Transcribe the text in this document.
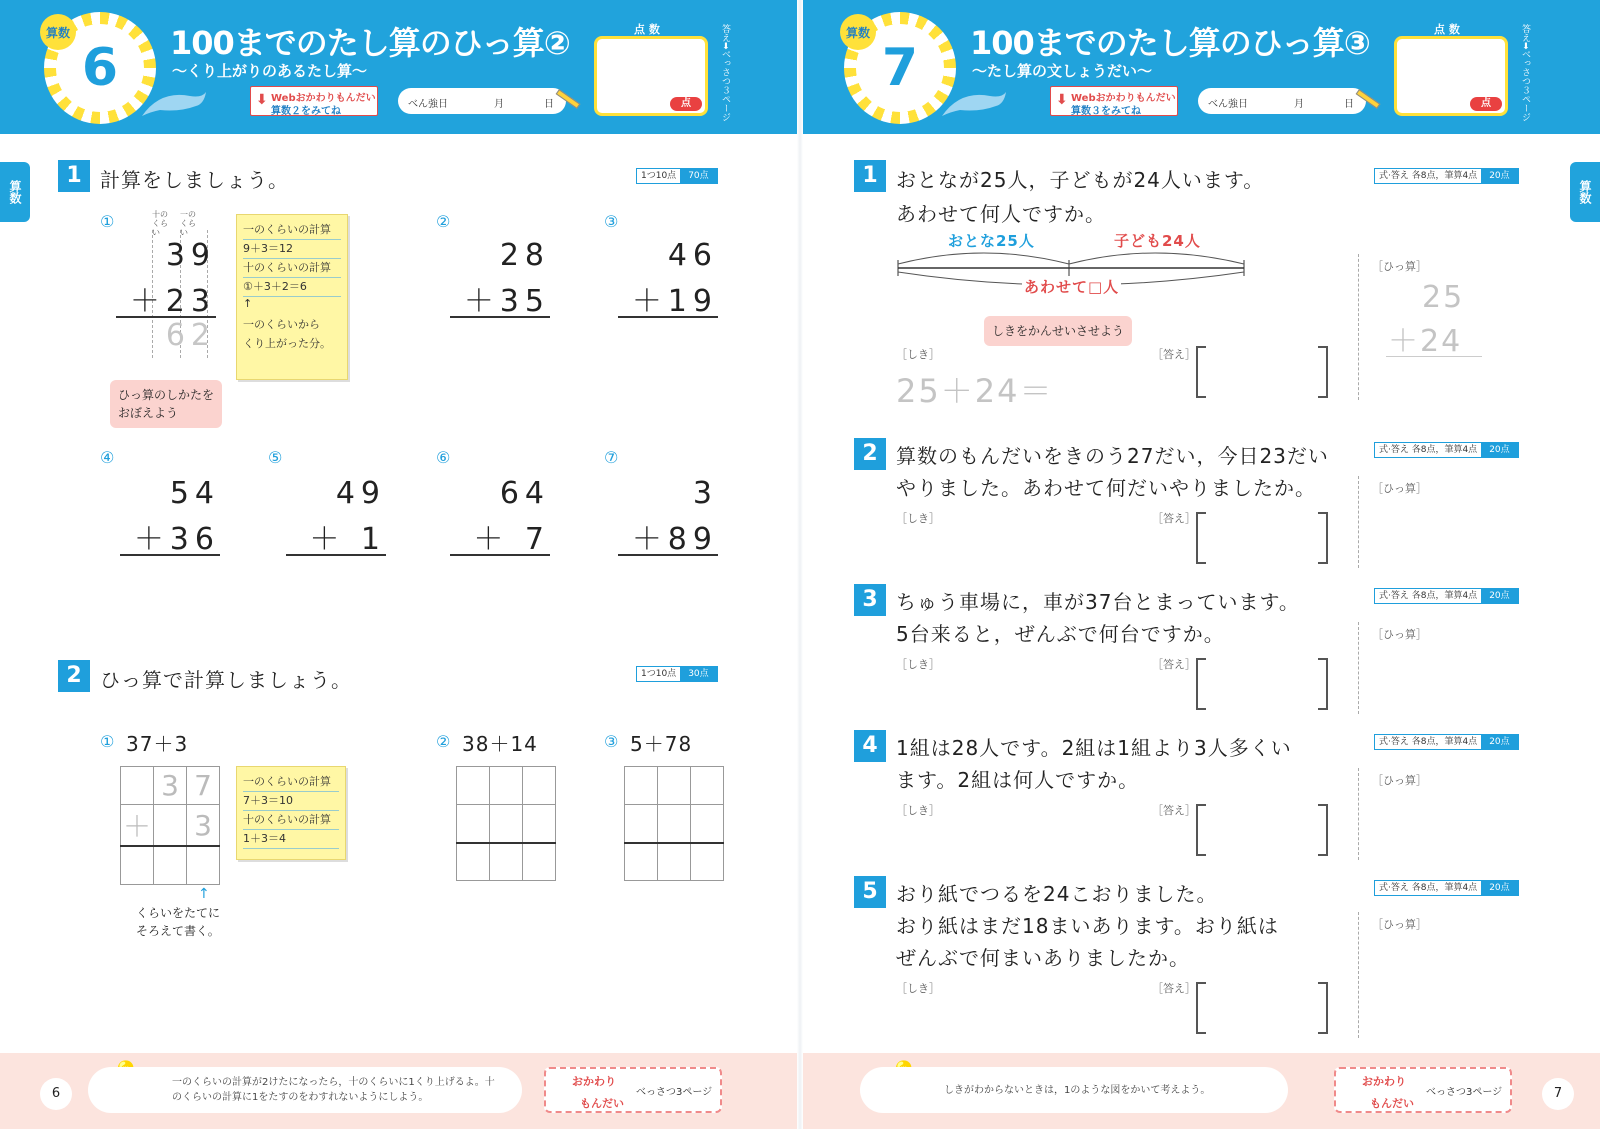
算数
6	100までのたし算のひっ算②
～くり上がりのあるたし算～
⬇ Webおかわりもんだい
算数２をみてね
べん強日	月	日
点 数
点	答え➡べっさつ３ページ
算数
1 計算をしましょう。	1つ10点	70点
十のくらい
一のくらい
①
39
＋23
62
一のくらいの計算
9＋3＝12
十のくらいの計算
①＋3＋2＝6
↑
一のくらいから
くり上がった分。
ひっ算のしかたを
おぼえよう
②
28
＋35
③
46
＋19
④
54
＋36
⑤
49
＋ 1
⑥
64
＋ 7
⑦
3
＋89
2 ひっ算で計算しましょう。	1つ10点	30点
① 37＋3	② 38＋14	③ 5＋78
	3	7
＋		3

一のくらいの計算
7＋3＝10
十のくらいの計算
1＋3＝4
↑
くらいをたてに
そろえて書く。

一のくらいの計算が2けたになったら，十のくらいに1くり上げるよ。十のくらいの計算に1をたすのをわすれないようにしよう。
おかわり
もんだい
べっさつ3ページ
6
算数
7	100までのたし算のひっ算③
～たし算の文しょうだい～
⬇ Webおかわりもんだい
算数３をみてね
べん強日	月	日
点 数
点	答え➡べっさつ３ページ
算数
1 おとなが25人，子どもが24人います。
あわせて何人ですか。
式·答え 各8点，筆算4点	20点
おとな25人	子ども24人
あわせて□人
しきをかんせいさせよう
［しき］
25＋24＝
［答え］
［ひっ算］
25
＋24
2 算数のもんだいをきのう27だい，今日23だい
やりました。あわせて何だいやりましたか。
式·答え 各8点，筆算4点	20点
［しき］	［答え］
［ひっ算］
3 ちゅう車場に，車が37台とまっています。
5台来ると，ぜんぶで何台ですか。
式·答え 各8点，筆算4点	20点
［しき］	［答え］
［ひっ算］
4 1組は28人です。2組は1組より3人多くい
ます。2組は何人ですか。
式·答え 各8点，筆算4点	20点
［しき］	［答え］
［ひっ算］
5 おり紙でつるを24こおりました。
おり紙はまだ18まいあります。おり紙は
ぜんぶで何まいありましたか。
式·答え 各8点，筆算4点	20点
［しき］	［答え］
［ひっ算］
しきがわからないときは，1のような図をかいて考えよう。
おかわり
もんだい
べっさつ3ページ	7
